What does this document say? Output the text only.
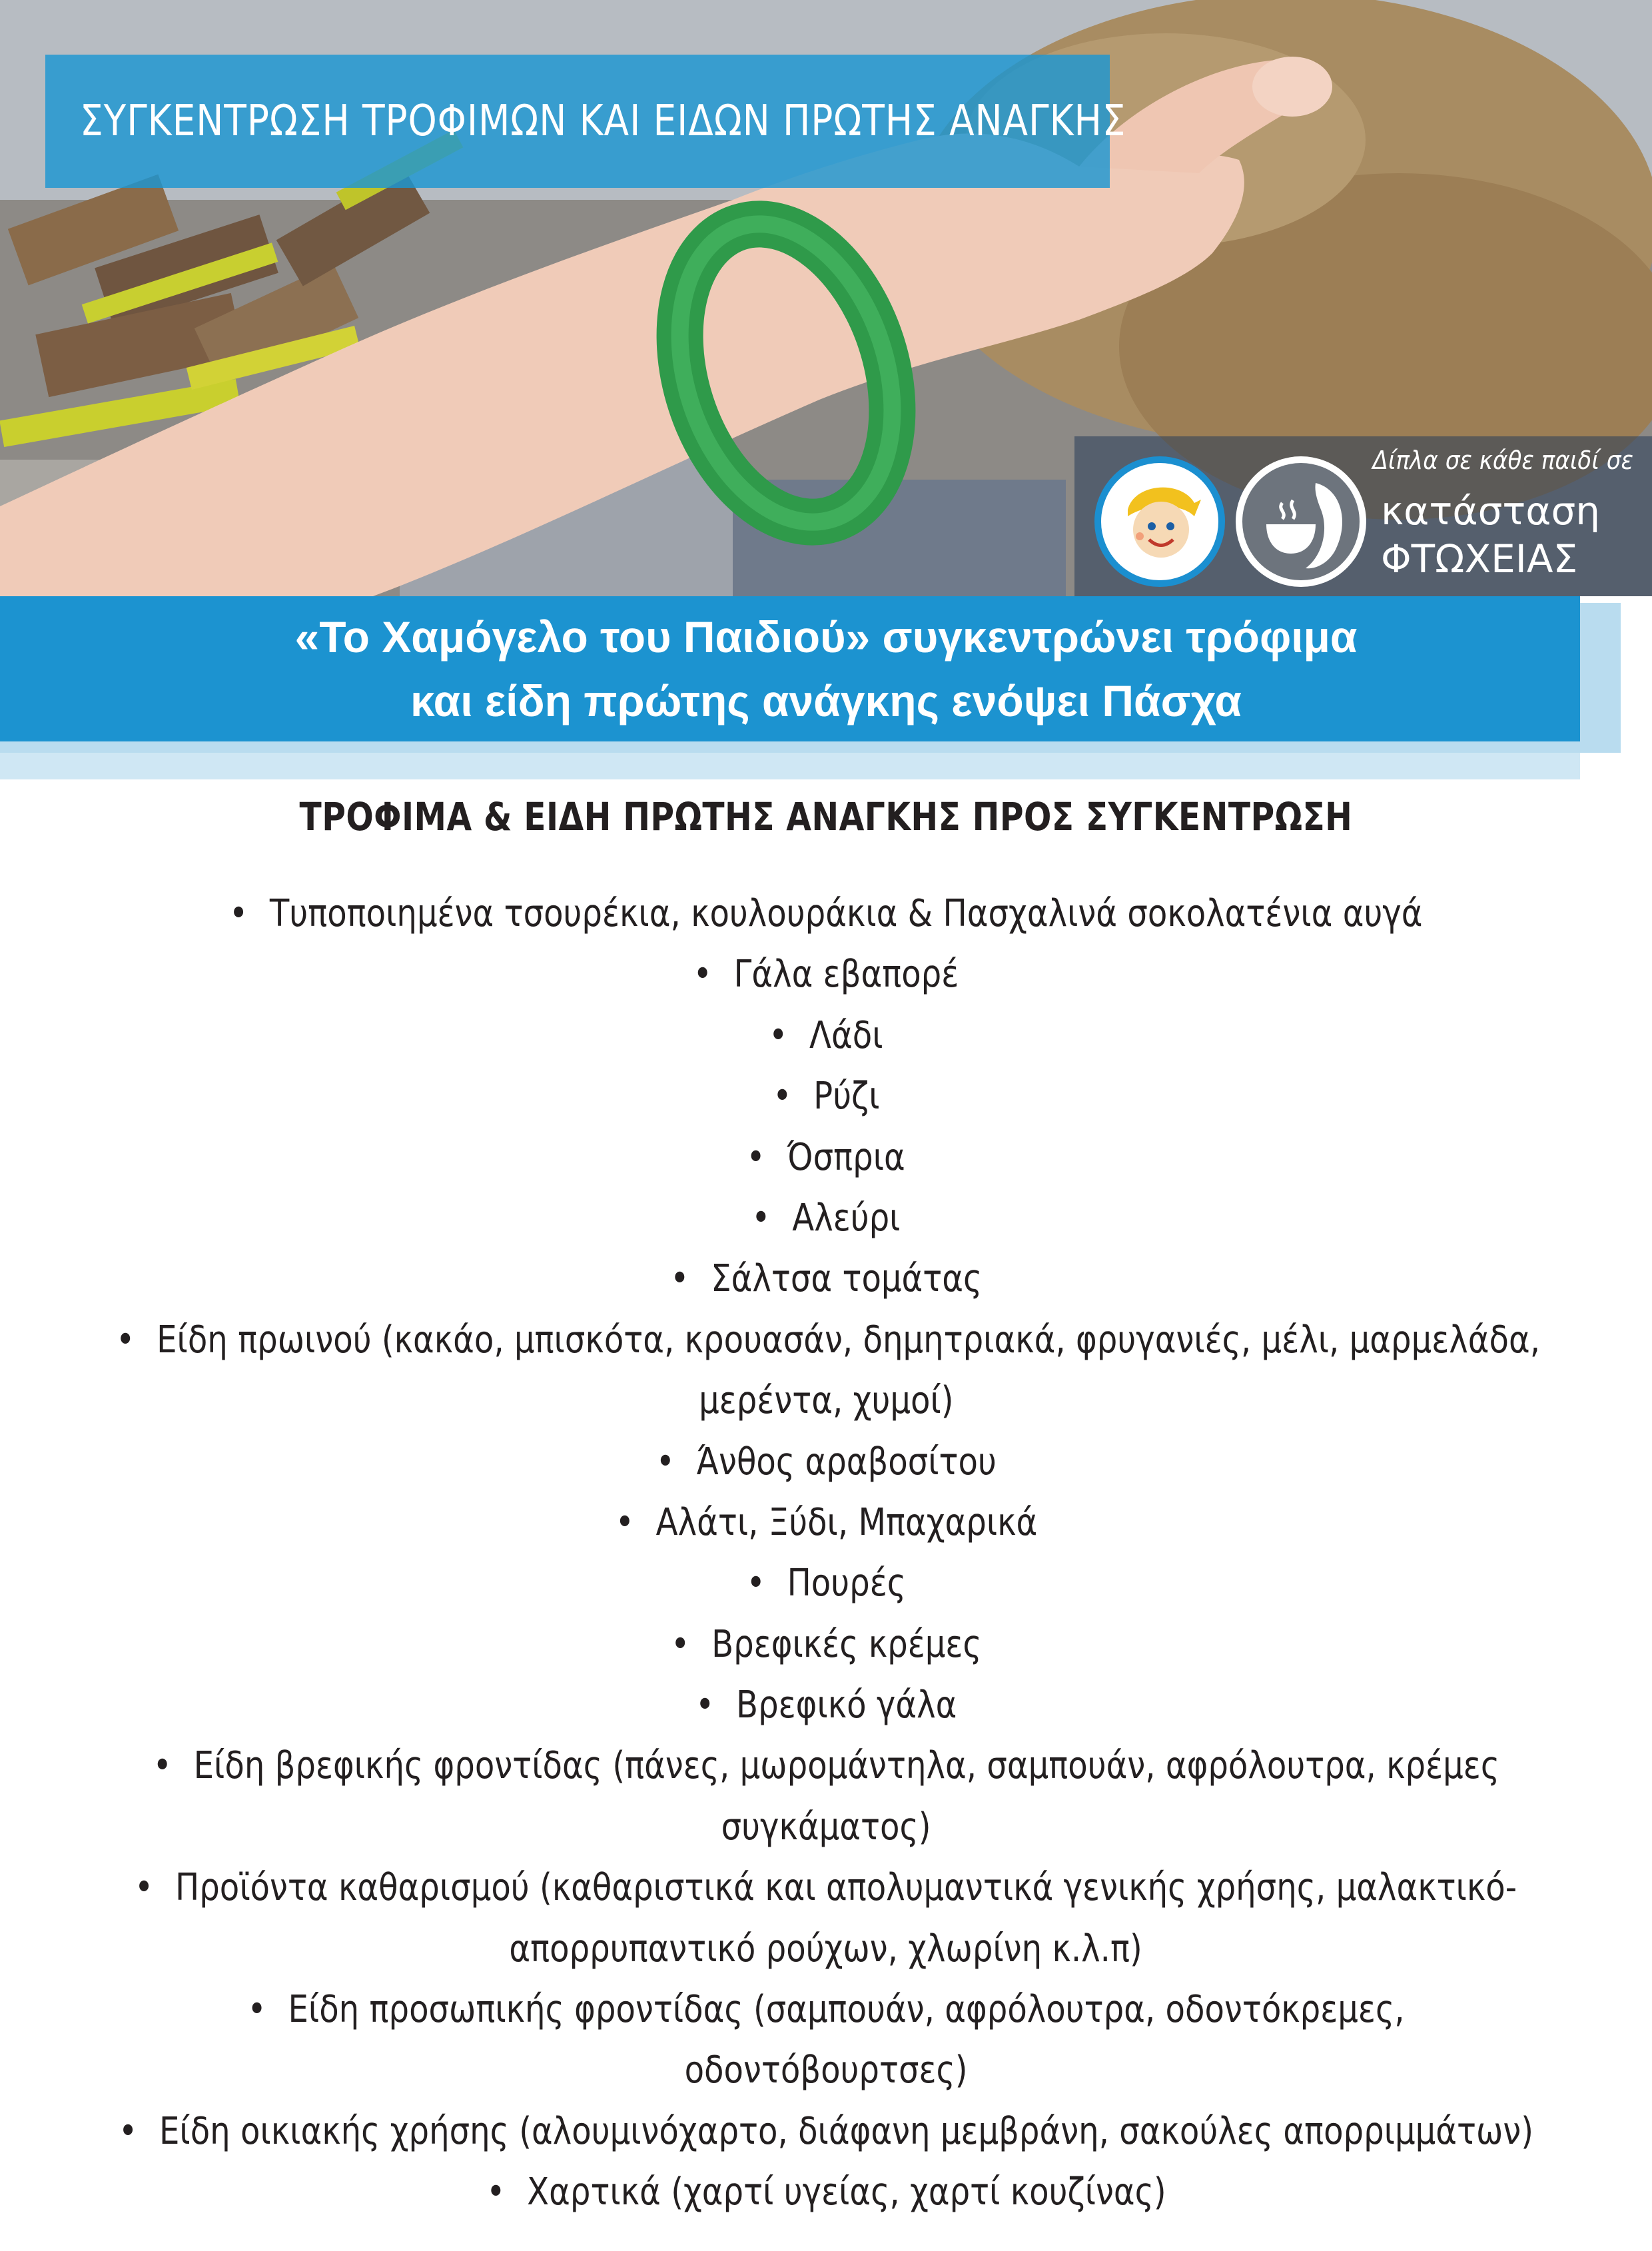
ΣΥΓΚΕΝΤΡΩΣΗ ΤΡΟΦΙΜΩΝ ΚΑΙ ΕΙΔΩΝ ΠΡΩΤΗΣ ΑΝΑΓΚΗΣ
Δίπλα σε κάθε παιδί σε
κατάσταση
ΦΤΩΧΕΙΑΣ
«Το Χαμόγελο του Παιδιού» συγκεντρώνει τρόφιμα
και είδη πρώτης ανάγκης ενόψει Πάσχα
ΤΡΟΦΙΜΑ & ΕΙΔΗ ΠΡΩΤΗΣ ΑΝΑΓΚΗΣ ΠΡΟΣ ΣΥΓΚΕΝΤΡΩΣΗ
• Τυποποιημένα τσουρέκια, κουλουράκια & Πασχαλινά σοκολατένια αυγά
• Γάλα εβαπορέ
• Λάδι
• Ρύζι
• Όσπρια
• Αλεύρι
• Σάλτσα τομάτας
• Είδη πρωινού (κακάο, μπισκότα, κρουασάν, δημητριακά, φρυγανιές, μέλι, μαρμελάδα,
μερέντα, χυμοί)
• Άνθος αραβοσίτου
• Αλάτι, Ξύδι, Μπαχαρικά
• Πουρές
• Βρεφικές κρέμες
• Βρεφικό γάλα
• Είδη βρεφικής φροντίδας (πάνες, μωρομάντηλα, σαμπουάν, αφρόλουτρα, κρέμες
συγκάματος)
• Προϊόντα καθαρισμού (καθαριστικά και απολυμαντικά γενικής χρήσης, μαλακτικό-
απορρυπαντικό ρούχων, χλωρίνη κ.λ.π)
• Είδη προσωπικής φροντίδας (σαμπουάν, αφρόλουτρα, οδοντόκρεμες,
οδοντόβουρτσες)
• Είδη οικιακής χρήσης (αλουμινόχαρτο, διάφανη μεμβράνη, σακούλες απορριμμάτων)
• Χαρτικά (χαρτί υγείας, χαρτί κουζίνας)
